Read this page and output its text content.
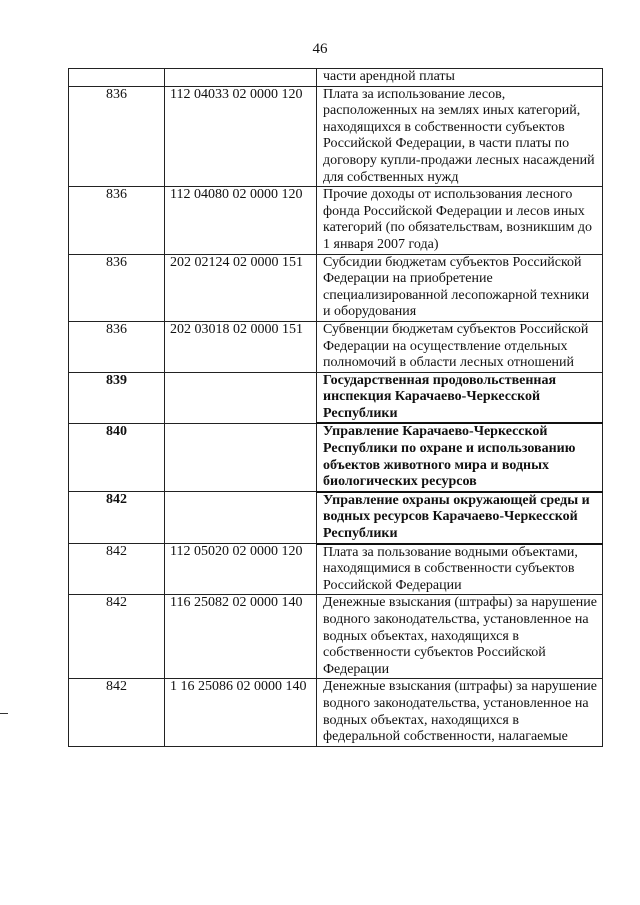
46
		части арендной платы
836	112 04033 02 0000 120	Плата за использование лесов, расположенных на землях иных категорий, находящихся в собственности субъектов Российской Федерации, в части платы по договору купли-продажи лесных насаждений для собственных нужд
836	112 04080 02 0000 120	Прочие доходы от использования лесного фонда Российской Федерации и лесов иных категорий (по обязательствам, возникшим до 1 января 2007 года)
836	202 02124 02 0000 151	Субсидии бюджетам субъектов Российской Федерации на приобретение специализированной лесопожарной техники и оборудования
836	202 03018 02 0000 151	Субвенции бюджетам субъектов Российской Федерации на осуществление отдельных полномочий в области лесных отношений
839		Государственная продовольственная инспекция Карачаево-Черкесской Республики
840		Управление Карачаево-Черкесской Республики по охране и использованию объектов животного мира и водных биологических ресурсов
842		Управление охраны окружающей среды и водных ресурсов Карачаево-Черкесской Республики
842	112 05020 02 0000 120	Плата за пользование водными объектами, находящимися в собственности субъектов Российской Федерации
842	116 25082 02 0000 140	Денежные взыскания (штрафы) за нарушение водного законодательства, установленное на водных объектах, находящихся в собственности субъектов Российской Федерации
842	1 16 25086 02 0000 140	Денежные взыскания (штрафы) за нарушение водного законодательства, установленное на водных объектах, находящихся в федеральной собственности, налагаемые
